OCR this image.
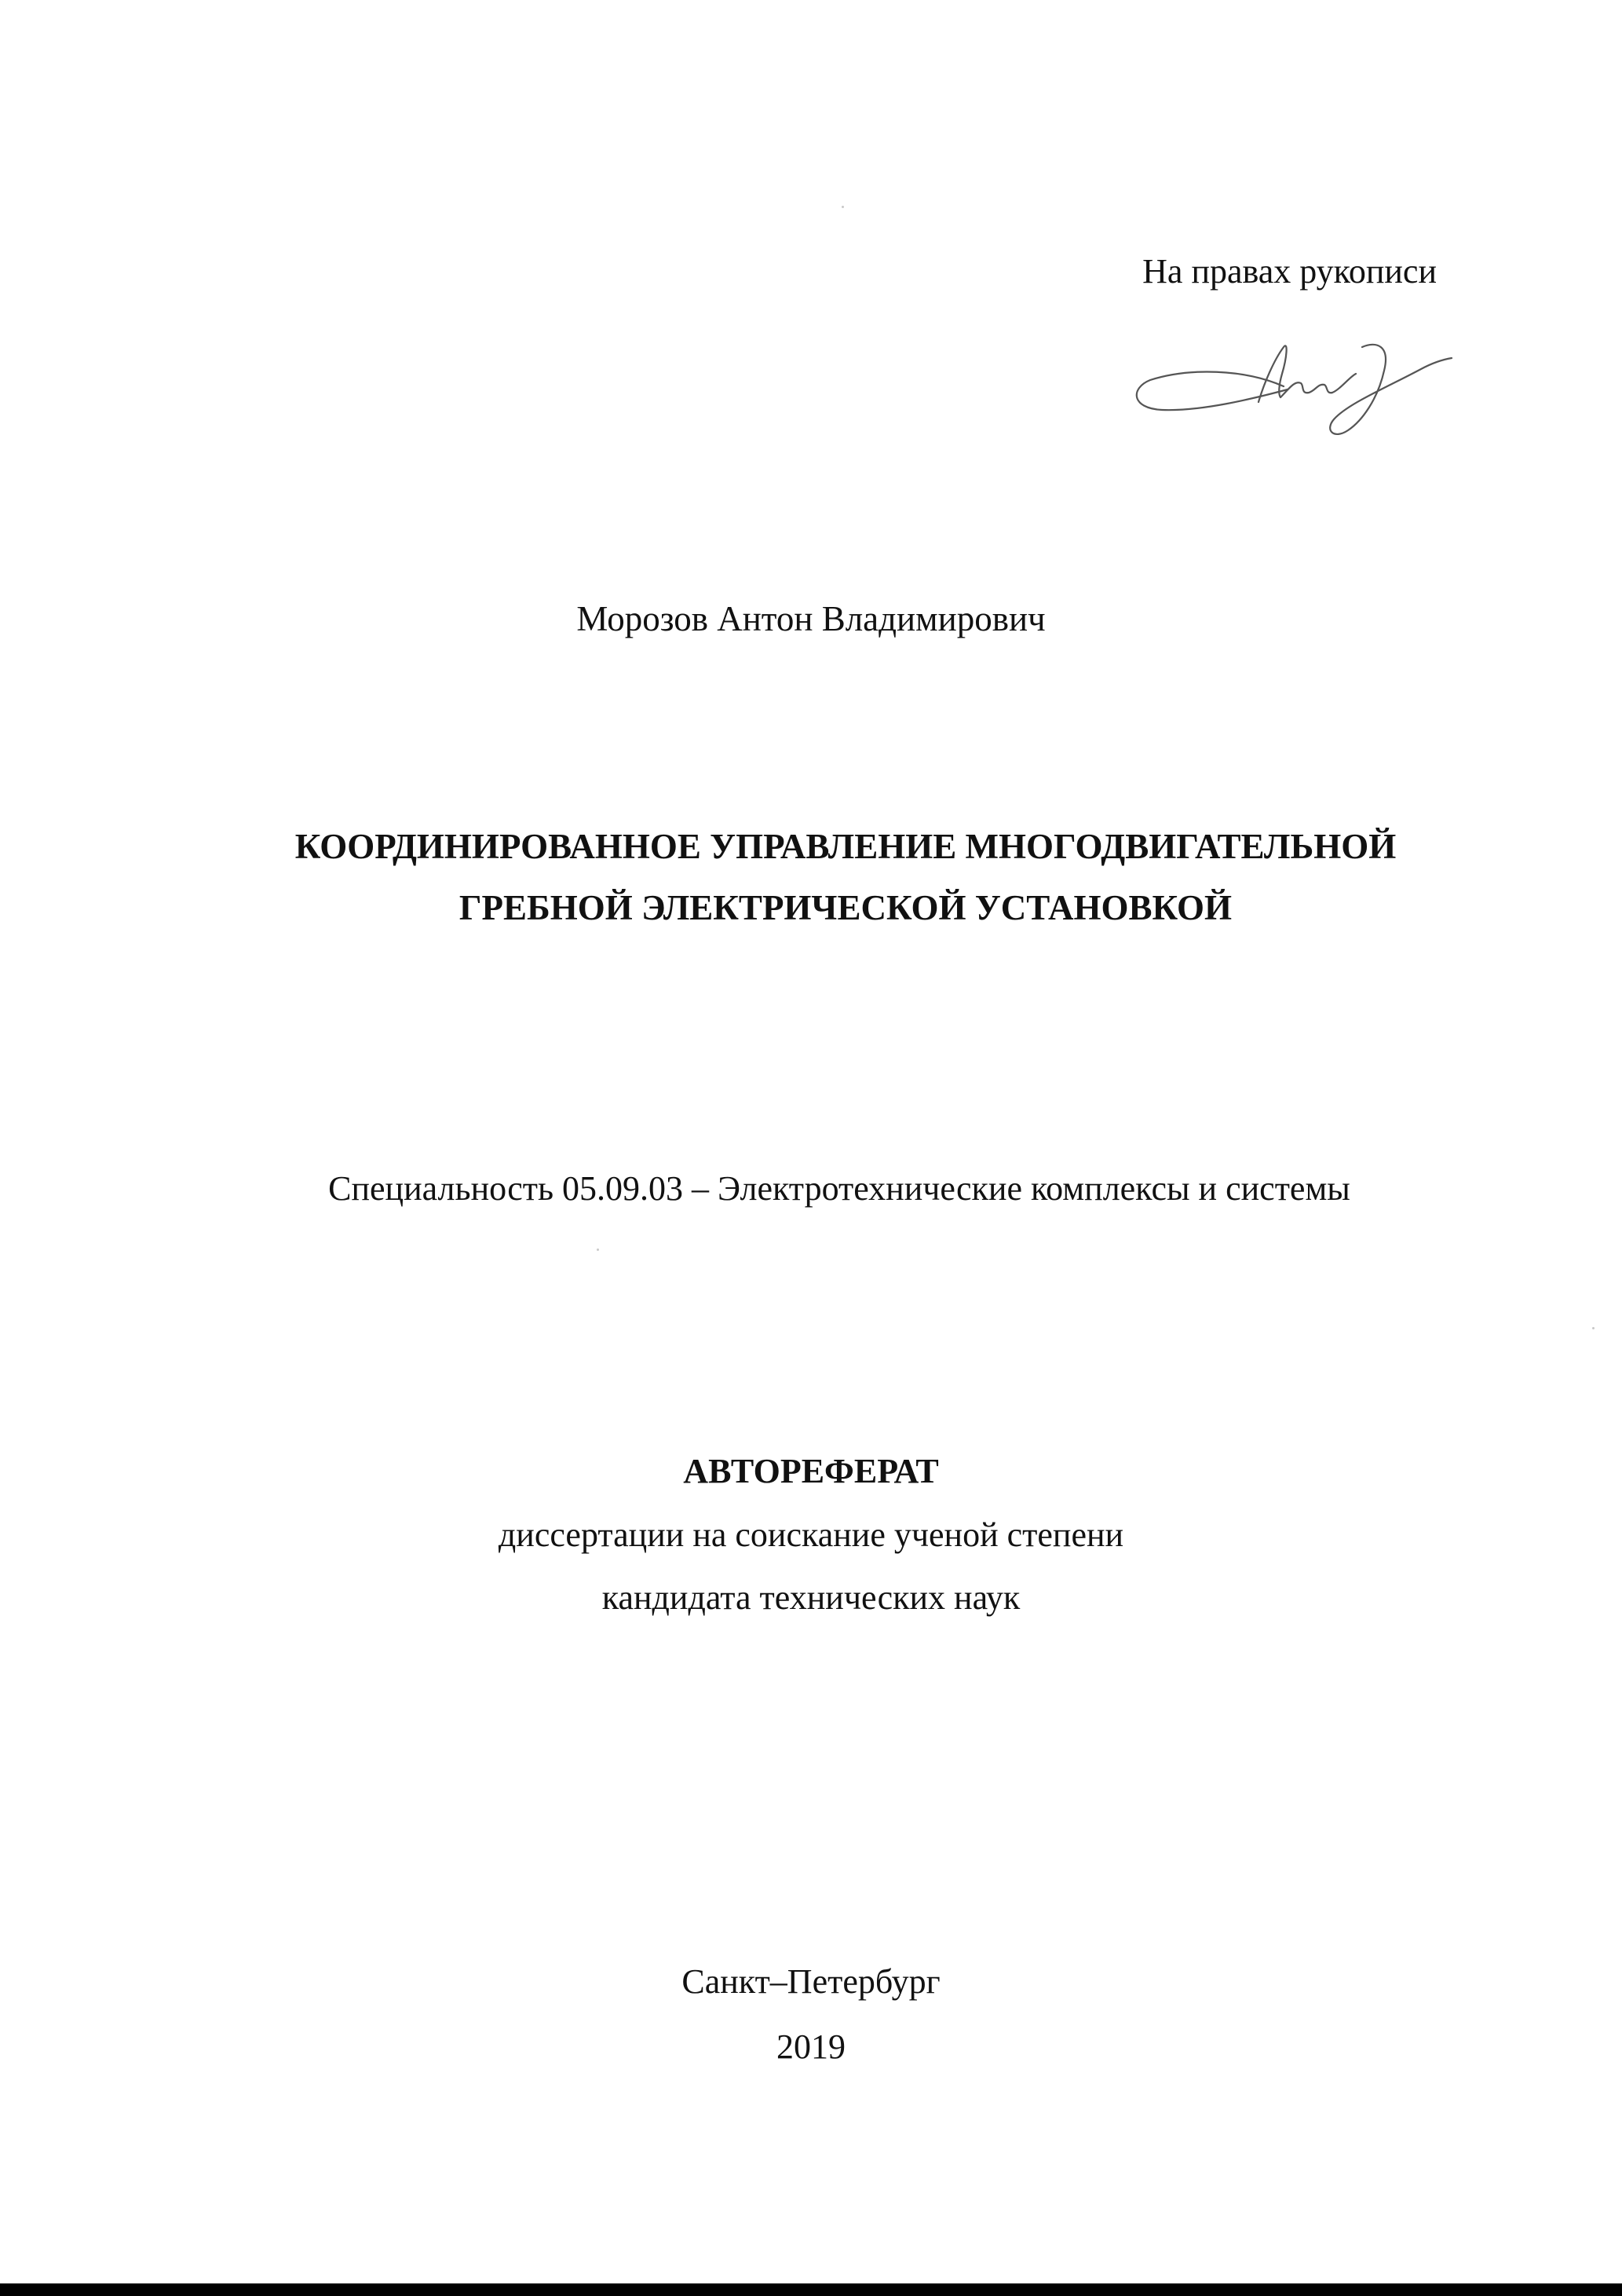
На правах рукописи

Морозов Антон Владимирович

КООРДИНИРОВАННОЕ УПРАВЛЕНИЕ МНОГОДВИГАТЕЛЬНОЙ
ГРЕБНОЙ ЭЛЕКТРИЧЕСКОЙ УСТАНОВКОЙ

Специальность 05.09.03 – Электротехнические комплексы и системы

АВТОРЕФЕРАТ

диссертации на соискание ученой степени

кандидата технических наук

Санкт–Петербург

2019
